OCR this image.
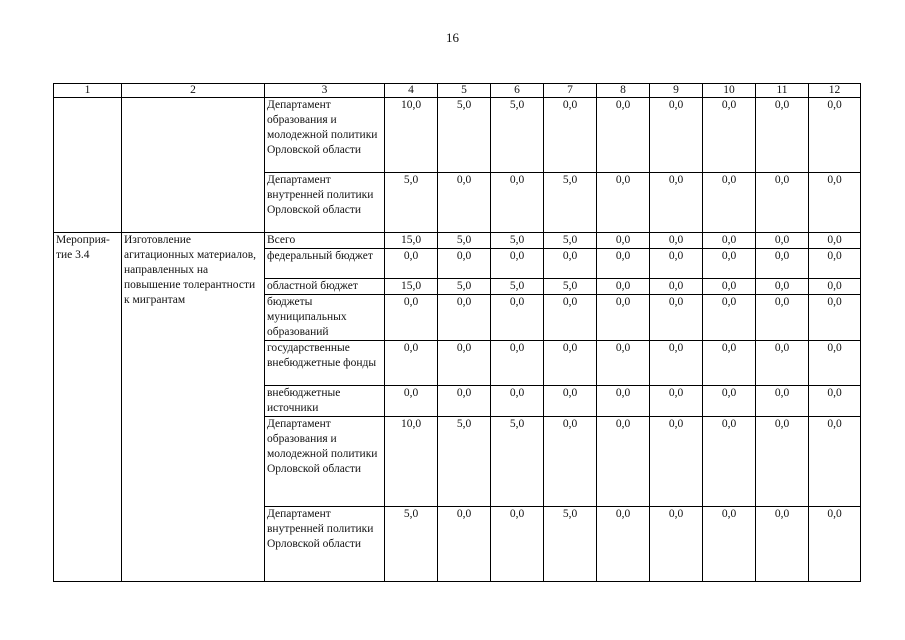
16
1	2	3	4	5	6	7	8	9	10	11	12
		Департамент образования и молодежной политики Орловской области	10,0	5,0	5,0	0,0	0,0	0,0	0,0	0,0	0,0
		Департамент внутренней политики Орловской области	5,0	0,0	0,0	5,0	0,0	0,0	0,0	0,0	0,0
Мероприя-тие 3.4	Изготовление агитационных материалов, направленных на повышение толерантности к мигрантам	Всего	15,0	5,0	5,0	5,0	0,0	0,0	0,0	0,0	0,0
		федеральный бюджет	0,0	0,0	0,0	0,0	0,0	0,0	0,0	0,0	0,0
		областной бюджет	15,0	5,0	5,0	5,0	0,0	0,0	0,0	0,0	0,0
		бюджеты муниципальных образований	0,0	0,0	0,0	0,0	0,0	0,0	0,0	0,0	0,0
		государственные внебюджетные фонды	0,0	0,0	0,0	0,0	0,0	0,0	0,0	0,0	0,0
		внебюджетные источники	0,0	0,0	0,0	0,0	0,0	0,0	0,0	0,0	0,0
		Департамент образования и молодежной политики Орловской области	10,0	5,0	5,0	0,0	0,0	0,0	0,0	0,0	0,0
		Департамент внутренней политики Орловской области	5,0	0,0	0,0	5,0	0,0	0,0	0,0	0,0	0,0
